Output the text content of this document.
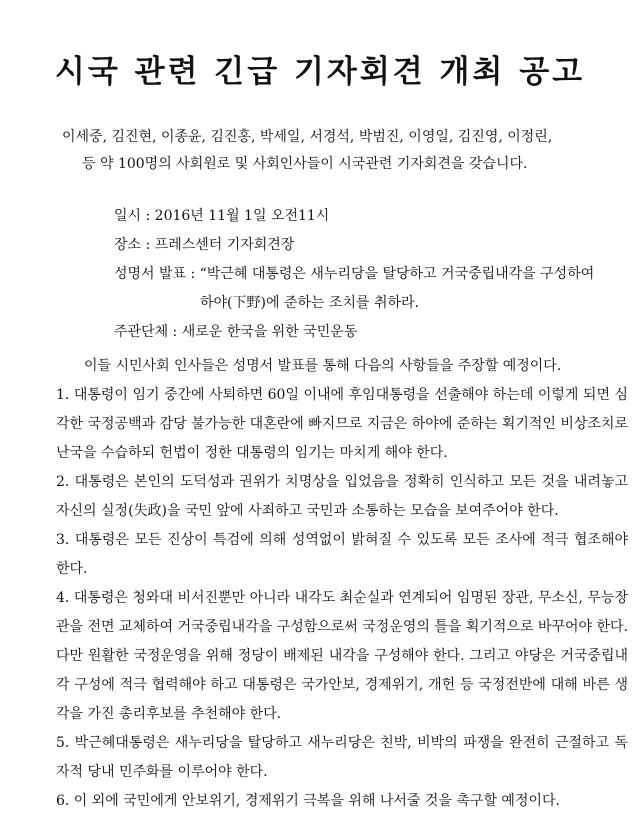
시국 관련 긴급 기자회견 개최 공고
이세중, 김진현, 이종윤, 김진홍, 박세일, 서경석, 박범진, 이영일, 김진영, 이정린,
등 약 100명의 사회원로 및 사회인사들이 시국관련 기자회견을 갖습니다.
일시 : 2016년 11월 1일 오전11시
장소 : 프레스센터 기자회견장
성명서 발표 : “박근혜 대통령은 새누리당을 탈당하고 거국중립내각을 구성하여
하야(下野)에 준하는 조치를 취하라.
주관단체 : 새로운 한국을 위한 국민운동

이들 시민사회 인사들은 성명서 발표를 통해 다음의 사항들을 주장할 예정이다.

1. 대통령이 임기 중간에 사퇴하면 60일 이내에 후임대통령을 선출해야 하는데 이렇게 되면 심각한 국정공백과 감당 불가능한 대혼란에 빠지므로 지금은 하야에 준하는 획기적인 비상조치로 난국을 수습하되 헌법이 정한 대통령의 임기는 마치게 해야 한다.

2. 대통령은 본인의 도덕성과 권위가 치명상을 입었음을 정확히 인식하고 모든 것을 내려놓고 자신의 실정(失政)을 국민 앞에 사죄하고 국민과 소통하는 모습을 보여주어야 한다.

3. 대통령은 모든 진상이 특검에 의해 성역없이 밝혀질 수 있도록 모든 조사에 적극 협조해야 한다.

4. 대통령은 청와대 비서진뿐만 아니라 내각도 최순실과 연계되어 임명된 장관, 무소신, 무능장관을 전면 교체하여 거국중립내각을 구성함으로써 국정운영의 틀을 획기적으로 바꾸어야 한다. 다만 원활한 국정운영을 위해 정당이 배제된 내각을 구성해야 한다. 그리고 야당은 거국중립내각 구성에 적극 협력해야 하고 대통령은 국가안보, 경제위기, 개헌 등 국정전반에 대해 바른 생각을 가진 총리후보를 추천해야 한다.

5. 박근혜대통령은 새누리당을 탈당하고 새누리당은 친박, 비박의 파쟁을 완전히 근절하고 독자적 당내 민주화를 이루어야 한다.

6. 이 외에 국민에게 안보위기, 경제위기 극복을 위해 나서줄 것을 촉구할 예정이다.
